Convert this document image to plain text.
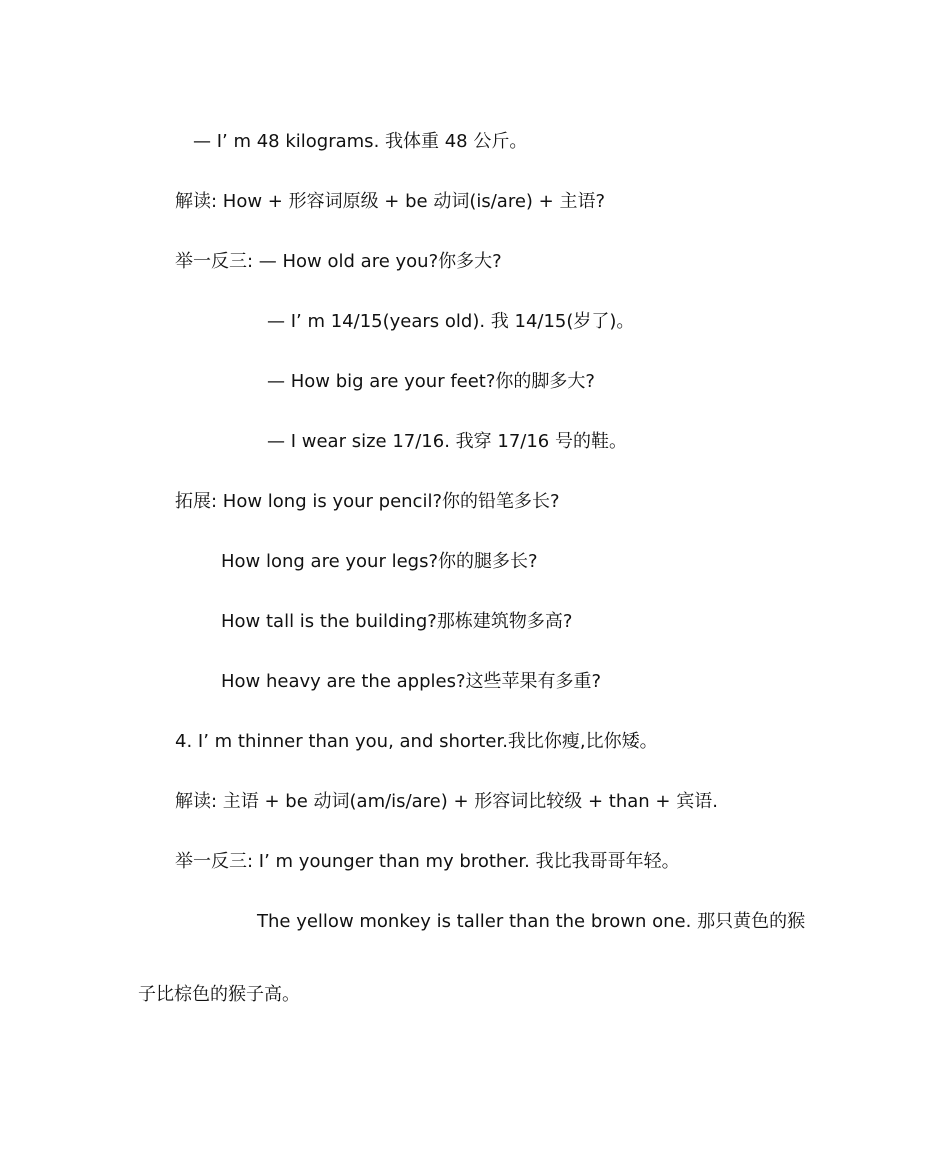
— I’ m 48 kilograms. 我体重 48 公斤。
解读: How + 形容词原级 + be 动词(is/are) + 主语?
举一反三: — How old are you?你多大?
— I’ m 14/15(years old). 我 14/15(岁了)。
— How big are your feet?你的脚多大?
— I wear size 17/16. 我穿 17/16 号的鞋。
拓展: How long is your pencil?你的铅笔多长?
How long are your legs?你的腿多长?
How tall is the building?那栋建筑物多高?
How heavy are the apples?这些苹果有多重?
4. I’ m thinner than you, and shorter.我比你瘦,比你矮。
解读: 主语 + be 动词(am/is/are) + 形容词比较级 + than + 宾语.
举一反三: I’ m younger than my brother. 我比我哥哥年轻。
The yellow monkey is taller than the brown one. 那只黄色的猴
子比棕色的猴子高。
